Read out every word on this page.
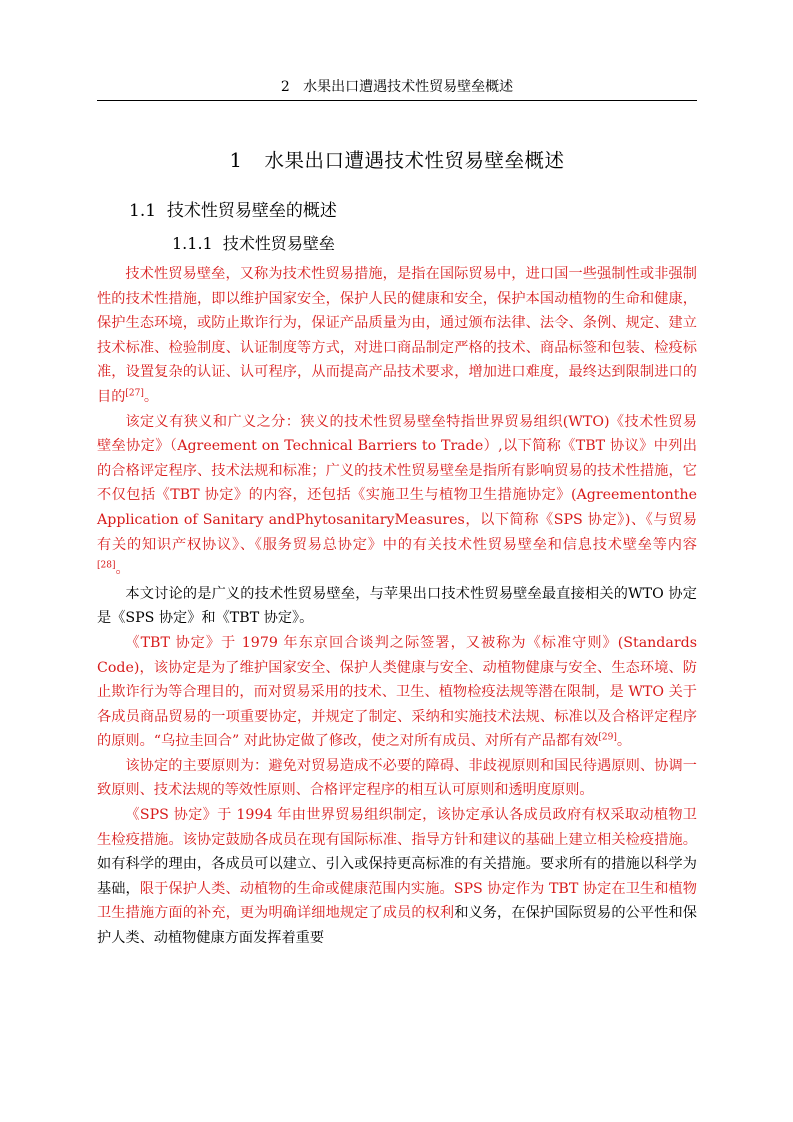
2 水果出口遭遇技术性贸易壁垒概述
1 水果出口遭遇技术性贸易壁垒概述
1.1 技术性贸易壁垒的概述
1.1.1 技术性贸易壁垒

技术性贸易壁垒，又称为技术性贸易措施，是指在国际贸易中，进口国一些强制性或非强制性的技术性措施，即以维护国家安全，保护人民的健康和安全，保护本国动植物的生命和健康，保护生态环境，或防止欺诈行为，保证产品质量为由，通过颁布法律、法令、条例、规定、建立技术标准、检验制度、认证制度等方式，对进口商品制定严格的技术、商品标签和包装、检疫标准，设置复杂的认证、认可程序，从而提高产品技术要求，增加进口难度，最终达到限制进口的目的[27]。

该定义有狭义和广义之分：狭义的技术性贸易壁垒特指世界贸易组织(WTO)《技术性贸易壁垒协定》（Agreement on Technical Barriers to Trade）,以下简称《TBT 协议》中列出的合格评定程序、技术法规和标准；广义的技术性贸易壁垒是指所有影响贸易的技术性措施，它不仅包括《TBT 协定》的内容，还包括《实施卫生与植物卫生措施协定》(Agreementonthe Application of Sanitary andPhytosanitaryMeasures，以下简称《SPS 协定》)、《与贸易有关的知识产权协议》、《服务贸易总协定》中的有关技术性贸易壁垒和信息技术壁垒等内容[28]。

本文讨论的是广义的技术性贸易壁垒，与苹果出口技术性贸易壁垒最直接相关的WTO 协定是《SPS 协定》和《TBT 协定》。

《TBT 协定》于 1979 年东京回合谈判之际签署，又被称为《标准守则》(Standards Code)，该协定是为了维护国家安全、保护人类健康与安全、动植物健康与安全、生态环境、防止欺诈行为等合理目的，而对贸易采用的技术、卫生、植物检疫法规等潜在限制，是 WTO 关于各成员商品贸易的一项重要协定，并规定了制定、采纳和实施技术法规、标准以及合格评定程序的原则。“乌拉圭回合” 对此协定做了修改，使之对所有成员、对所有产品都有效[29]。

该协定的主要原则为：避免对贸易造成不必要的障碍、非歧视原则和国民待遇原则、协调一致原则、技术法规的等效性原则、合格评定程序的相互认可原则和透明度原则。

《SPS 协定》于 1994 年由世界贸易组织制定，该协定承认各成员政府有权采取动植物卫生检疫措施。该协定鼓励各成员在现有国际标准、指导方针和建议的基础上建立相关检疫措施。如有科学的理由，各成员可以建立、引入或保持更高标准的有关措施。要求所有的措施以科学为基础，限于保护人类、动植物的生命或健康范围内实施。SPS 协定作为 TBT 协定在卫生和植物卫生措施方面的补充，更为明确详细地规定了成员的权利和义务，在保护国际贸易的公平性和保护人类、动植物健康方面发挥着重要
